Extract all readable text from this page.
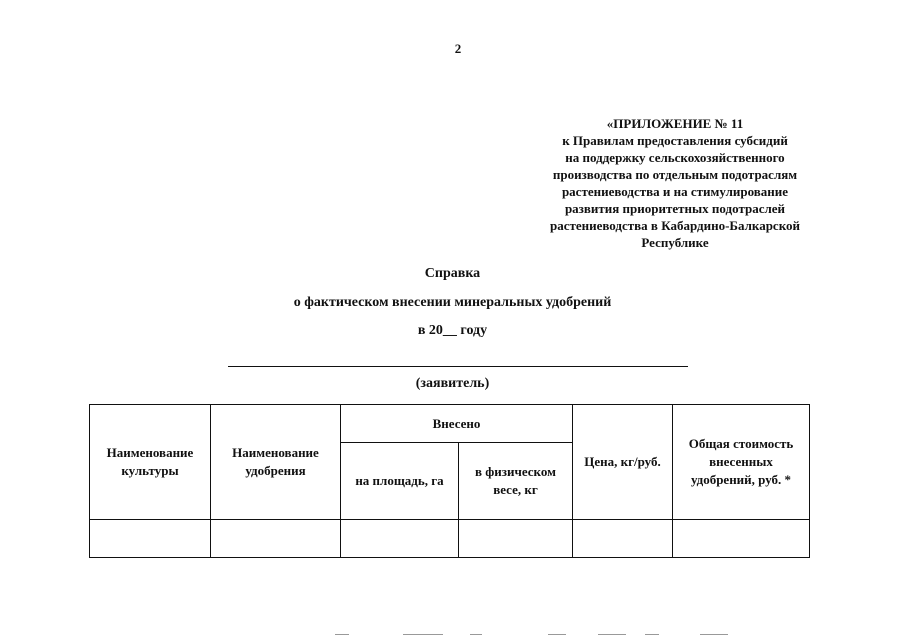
2
«ПРИЛОЖЕНИЕ № 11
к Правилам предоставления субсидий
на поддержку сельскохозяйственного
производства по отдельным подотраслям
растениеводства и на стимулирование
развития приоритетных подотраслей
растениеводства в Кабардино-Балкарской
Республике
Справка
о фактическом внесении минеральных удобрений
в 20__ году
(заявитель)
Наименование культуры	Наименование удобрения	Внесено		Цена, кг/руб.	Общая стоимость внесенных удобрений, руб. *
		на площадь, га	в физическом весе, кг		
